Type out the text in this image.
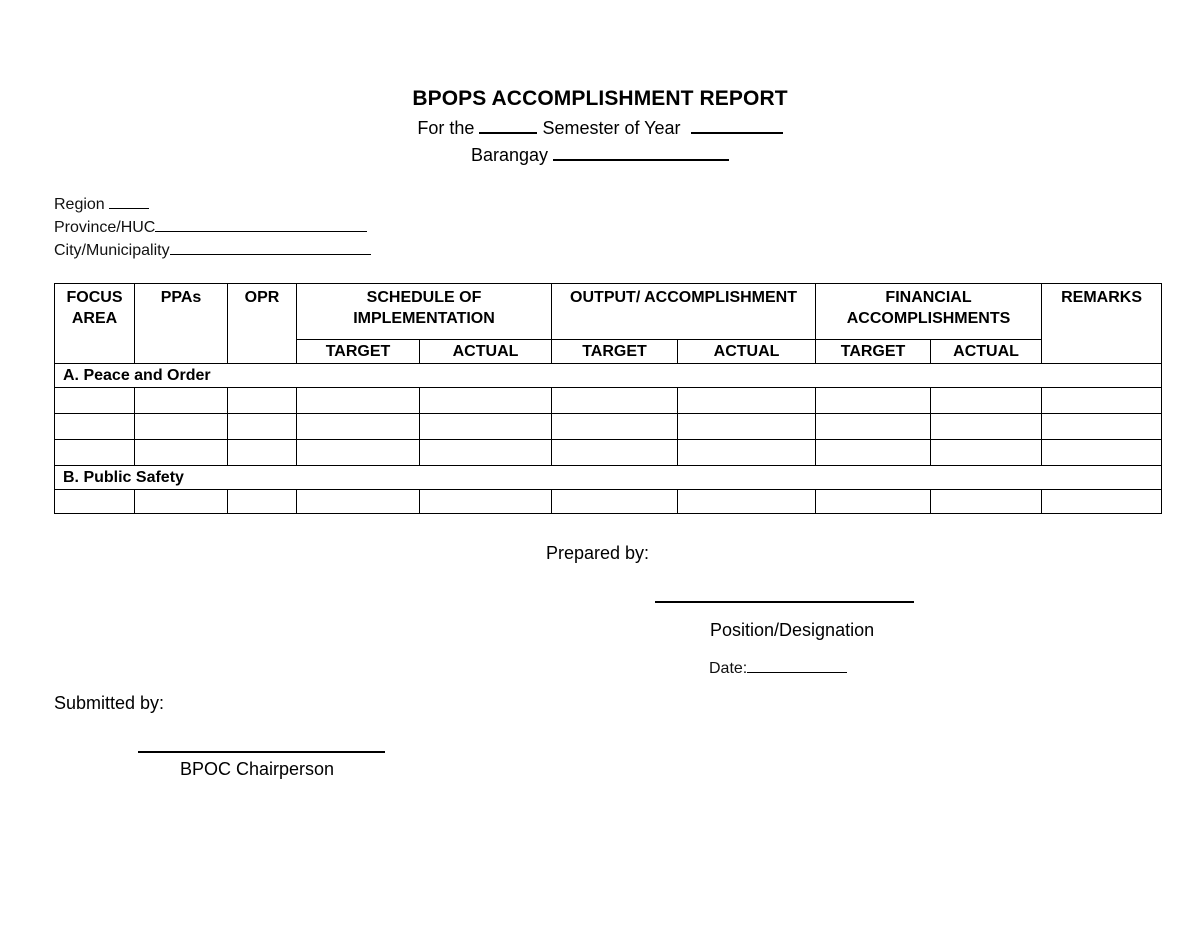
BPOPS ACCOMPLISHMENT REPORT
For the	Semester of Year
Barangay
Region
Province/HUC
City/Municipality
FOCUS AREA	PPAs	OPR	SCHEDULE OF IMPLEMENTATION		OUTPUT/ ACCOMPLISHMENT		FINANCIAL ACCOMPLISHMENTS		REMARKS
			TARGET	ACTUAL	TARGET	ACTUAL	TARGET	ACTUAL	
A. Peace and Order									

B. Public Safety									

Prepared by:
Position/Designation
Date:
Submitted by:
BPOC Chairperson
